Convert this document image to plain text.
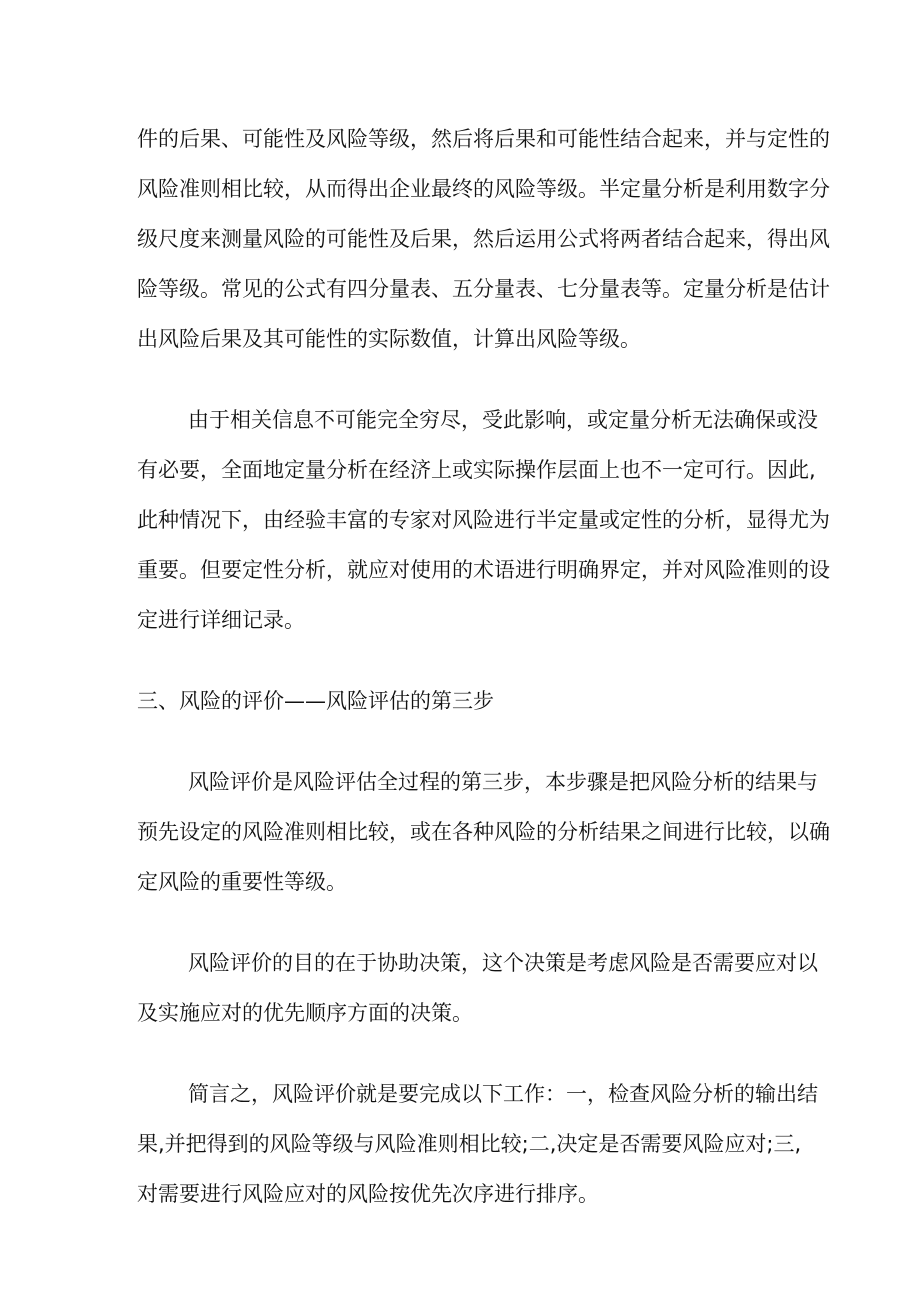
件的后果、可能性及风险等级，然后将后果和可能性结合起来，并与定性的
风险准则相比较，从而得出企业最终的风险等级。半定量分析是利用数字分
级尺度来测量风险的可能性及后果，然后运用公式将两者结合起来，得出风
险等级。常见的公式有四分量表、五分量表、七分量表等。定量分析是估计
出风险后果及其可能性的实际数值，计算出风险等级。
由于相关信息不可能完全穷尽，受此影响，或定量分析无法确保或没
有必要，全面地定量分析在经济上或实际操作层面上也不一定可行。因此,
此种情况下，由经验丰富的专家对风险进行半定量或定性的分析，显得尤为
重要。但要定性分析，就应对使用的术语进行明确界定，并对风险准则的设
定进行详细记录。
三、风险的评价——风险评估的第三步
风险评价是风险评估全过程的第三步，本步骤是把风险分析的结果与
预先设定的风险准则相比较，或在各种风险的分析结果之间进行比较，以确
定风险的重要性等级。
风险评价的目的在于协助决策，这个决策是考虑风险是否需要应对以
及实施应对的优先顺序方面的决策。
简言之，风险评价就是要完成以下工作：一，检查风险分析的输出结
果,并把得到的风险等级与风险准则相比较;二,决定是否需要风险应对;三,
对需要进行风险应对的风险按优先次序进行排序。
